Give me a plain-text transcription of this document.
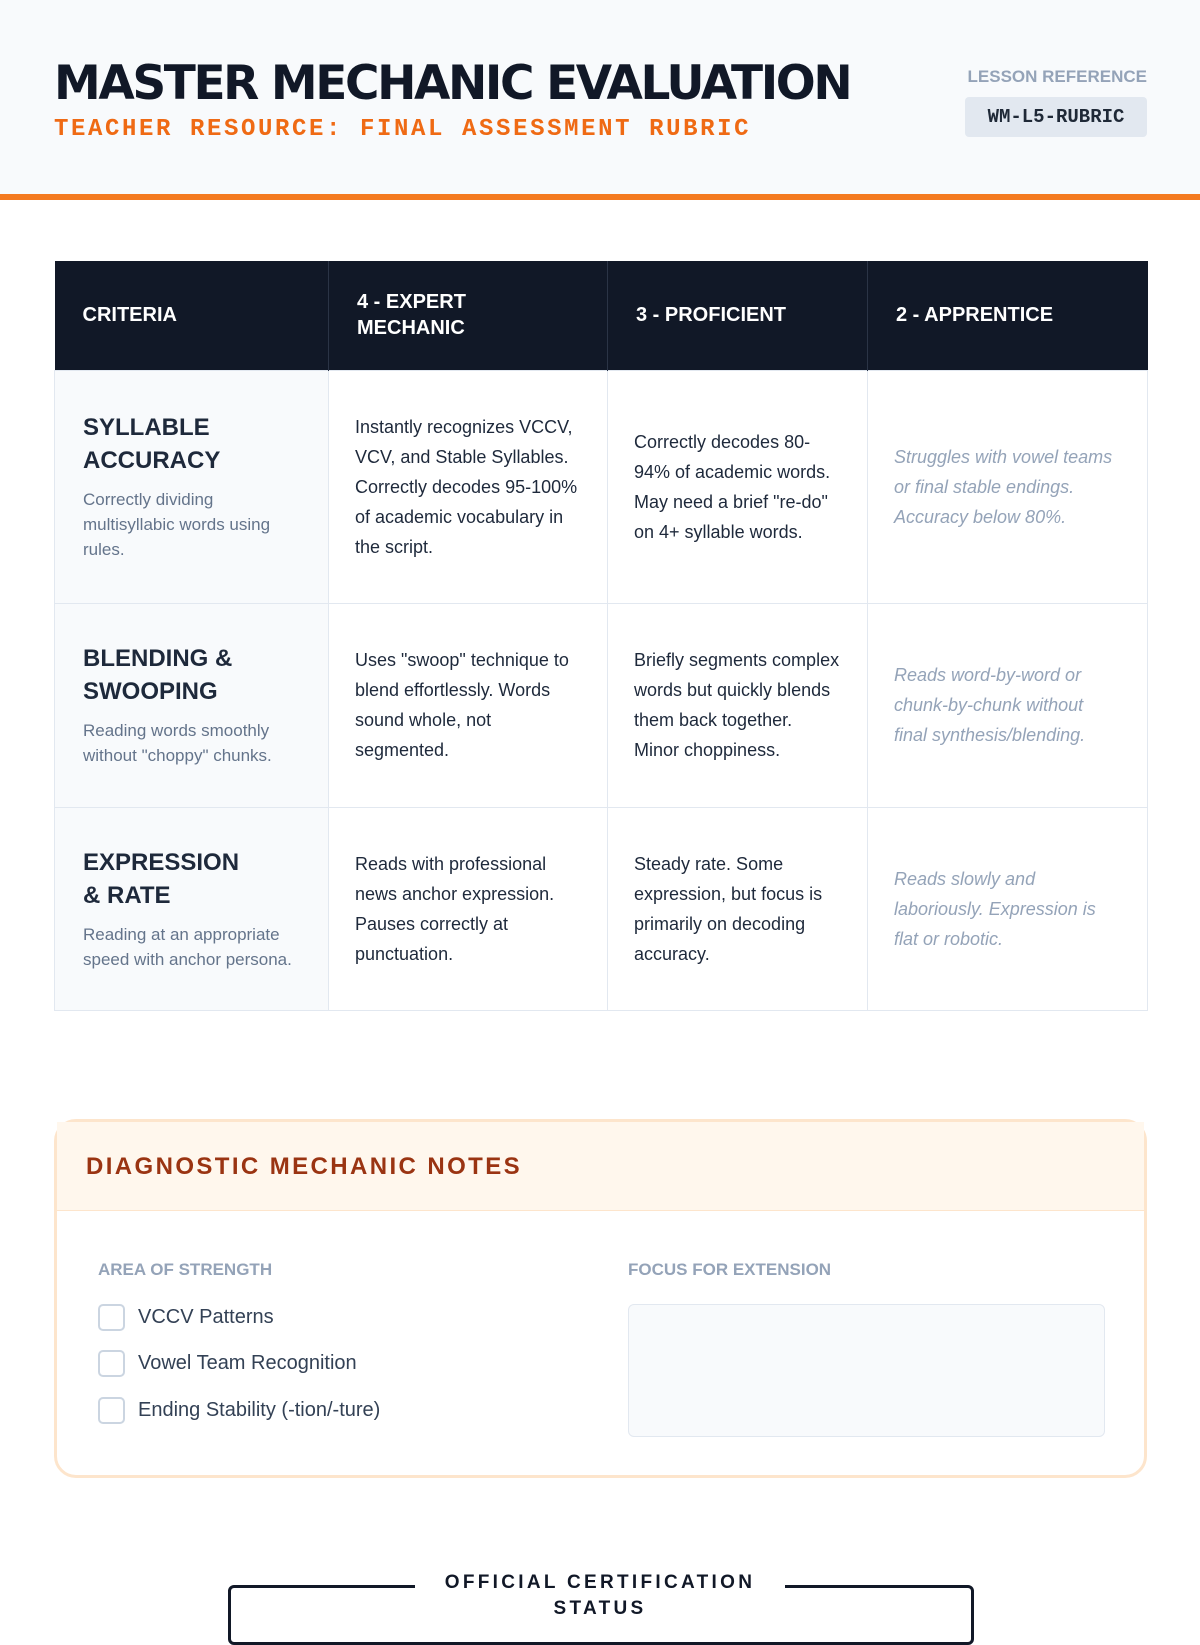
MASTER MECHANIC EVALUATION
TEACHER RESOURCE: FINAL ASSESSMENT RUBRIC
LESSON REFERENCE
WM-L5-RUBRIC
CRITERIA	4 - EXPERT MECHANIC	3 - PROFICIENT	2 - APPRENTICE

SYLLABLE ACCURACY
Correctly dividing multisyllabic words using rules.	Instantly recognizes VCCV, VCV, and Stable Syllables. Correctly decodes 95-100% of academic vocabulary in the script.	Correctly decodes 80-94% of academic words. May need a brief "re-do" on 4+ syllable words.	Struggles with vowel teams or final stable endings. Accuracy below 80%.

BLENDING & SWOOPING
Reading words smoothly without "choppy" chunks.	Uses "swoop" technique to blend effortlessly. Words sound whole, not segmented.	Briefly segments complex words but quickly blends them back together. Minor choppiness.	Reads word-by-word or chunk-by-chunk without final synthesis/blending.

EXPRESSION & RATE
Reading at an appropriate speed with anchor persona.	Reads with professional news anchor expression. Pauses correctly at punctuation.	Steady rate. Some expression, but focus is primarily on decoding accuracy.	Reads slowly and laboriously. Expression is flat or robotic.
DIAGNOSTIC MECHANIC NOTES
AREA OF STRENGTH
VCCV Patterns
Vowel Team Recognition
Ending Stability (-tion/-ture)
FOCUS FOR EXTENSION
OFFICIAL CERTIFICATION STATUS
